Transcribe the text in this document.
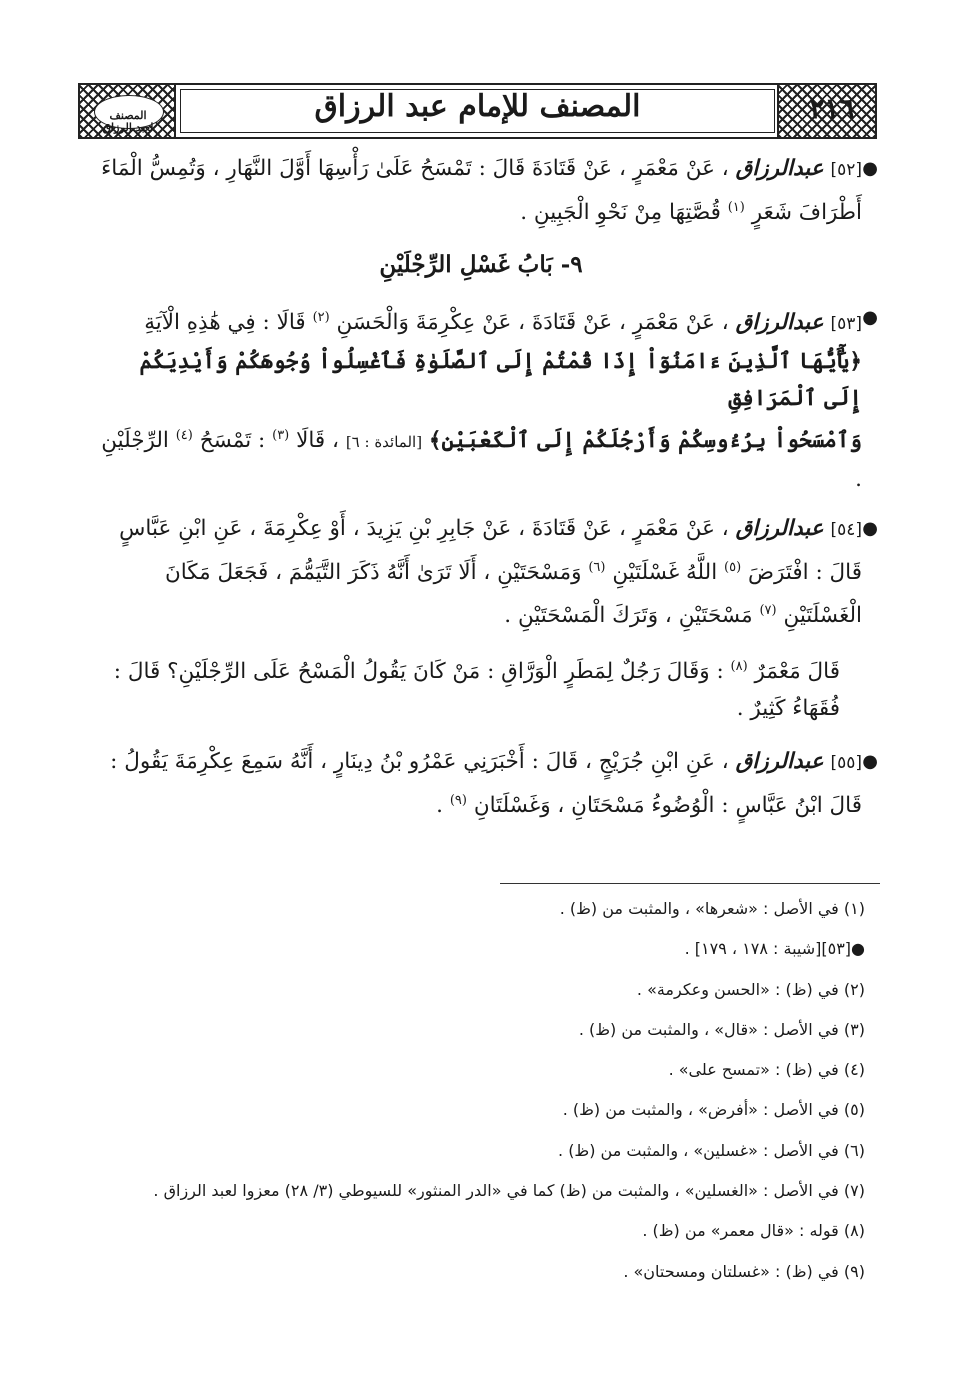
المصنف لعبد الرزاق
المصنف للإمام عبد الرزاق	٢١٦

●
[٥٢] عبدالرزاق ، عَنْ مَعْمَرٍ ، عَنْ قَتَادَةَ قَالَ : تَمْسَحُ عَلَىٰ رَأْسِهَا أَوَّلَ النَّهَارِ ، وَتُمِسُّ الْمَاءَ
أَطْرَافَ شَعَرٍ $^{(١)}$ قُصَّتِهَا مِنْ نَحْوِ الْجَبِينِ .

٩- بَابُ غَسْلِ الرِّجْلَيْنِ

●
[٥٣] عبدالرزاق ، عَنْ مَعْمَرٍ ، عَنْ قَتَادَةَ ، عَنْ عِكْرِمَةَ وَالْحَسَنِ $^{(٢)}$ قَالَا : فِي هَٰذِهِ الْآيَةِ
﴿يَٰٓأَيُّهَا ٱلَّذِينَ ءَامَنُوٓاْ إِذَا قُمْتُمْ إِلَى ٱلصَّلَوٰةِ فَٱغْسِلُواْ وُجُوهَكُمْ وَأَيْدِيَكُمْ إِلَى ٱلْمَرَافِقِ
وَٱمْسَحُواْ بِرُءُوسِكُمْ وَأَرْجُلَكُمْ إِلَى ٱلْكَعْبَيْنِ﴾ [المائدة : ٦] ، قَالَا $^{(٣)}$ : تَمْسَحُ $^{(٤)}$ الرِّجْلَيْنِ .

●
[٥٤] عبدالرزاق ، عَنْ مَعْمَرٍ ، عَنْ قَتَادَةَ ، عَنْ جَابِرِ بْنِ يَزِيدَ ، أَوْ عِكْرِمَةَ ، عَنِ ابْنِ عَبَّاسٍ
قَالَ : افْتَرَضَ $^{(٥)}$ اللَّهُ غَسْلَتَيْنِ $^{(٦)}$ وَمَسْحَتَيْنِ ، أَلَا تَرَىٰ أَنَّهُ ذَكَرَ التَّيَمُّمَ ، فَجَعَلَ مَكَانَ
الْغَسْلَتَيْنِ $^{(٧)}$ مَسْحَتَيْنِ ، وَتَرَكَ الْمَسْحَتَيْنِ .

قَالَ مَعْمَرٌ $^{(٨)}$ : وَقَالَ رَجُلٌ لِمَطَرٍ الْوَرَّاقِ : مَنْ كَانَ يَقُولُ الْمَسْحُ عَلَى الرِّجْلَيْنِ؟ قَالَ :
فُقَهَاءُ كَثِيرٌ .

●
[٥٥] عبدالرزاق ، عَنِ ابْنِ جُرَيْجٍ ، قَالَ : أَخْبَرَنِي عَمْرُو بْنُ دِينَارٍ ، أَنَّهُ سَمِعَ عِكْرِمَةَ يَقُولُ :
قَالَ ابْنُ عَبَّاسٍ : الْوُضُوءُ مَسْحَتَانِ ، وَغَسْلَتَانِ $^{(٩)}$ .

(١) في الأصل : «شعرها» ، والمثبت من (ظ) .
●[٥٣][شيبة : ١٧٨ ، ١٧٩] .
(٢) في (ظ) : «الحسن وعكرمة» .
(٣) في الأصل : «قال» ، والمثبت من (ظ) .
(٤) في (ظ) : «تمسح على» .
(٥) في الأصل : «أفرض» ، والمثبت من (ظ) .
(٦) في الأصل : «غسلين» ، والمثبت من (ظ) .
(٧) في الأصل : «الغسلين» ، والمثبت من (ظ) كما في «الدر المنثور» للسيوطي (٣/ ٢٨) معزوا لعبد الرزاق .
(٨) قوله : «قال معمر» من (ظ) .
(٩) في (ظ) : «غسلتان ومسحتان» .
